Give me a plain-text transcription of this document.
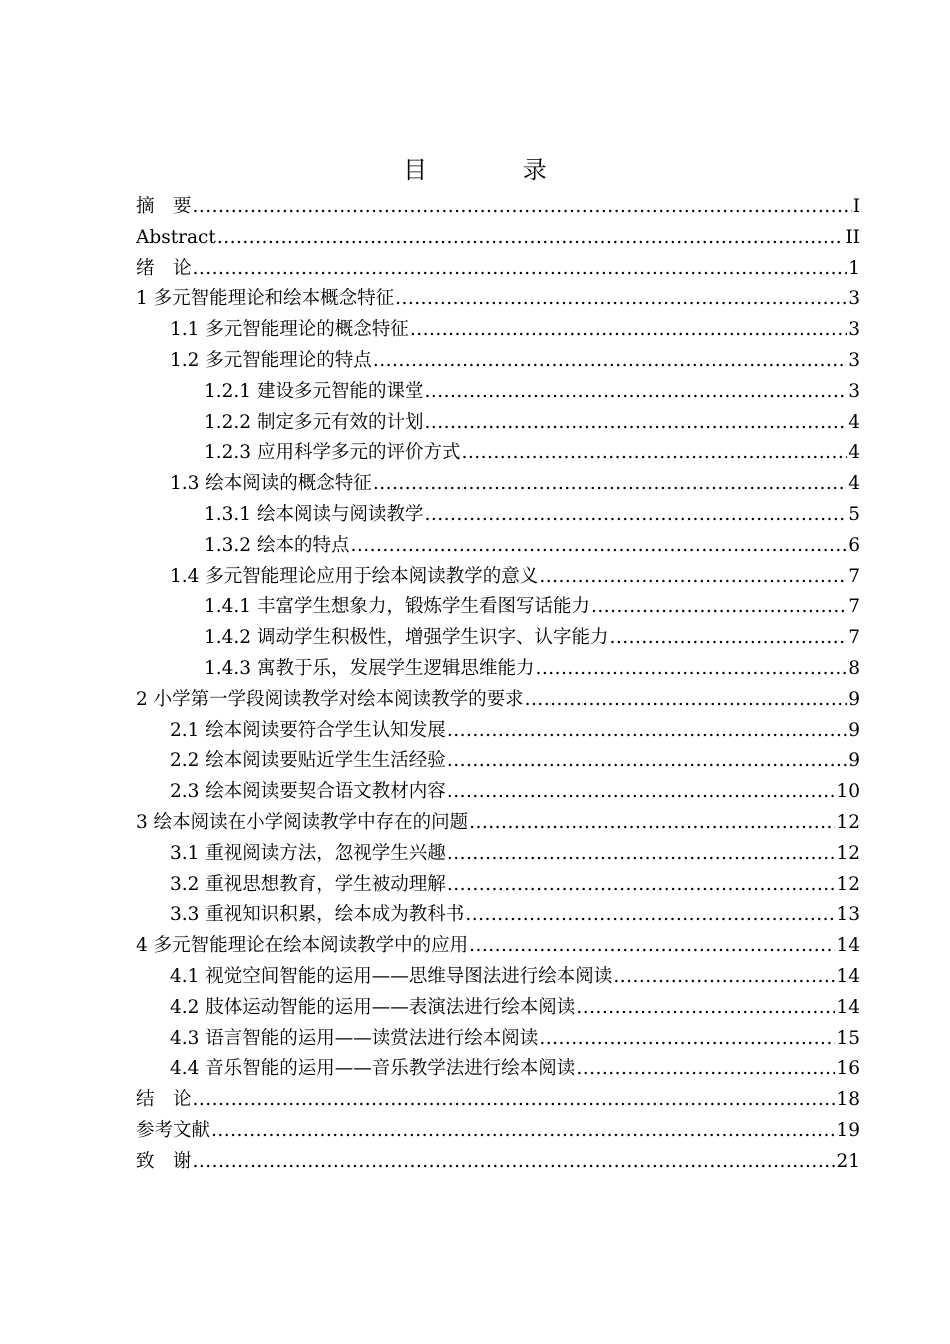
目 录
摘　要 .....	I
Abstract .....	II
绪　论 .....	1
1 多元智能理论和绘本概念特征 .....	3
1.1 多元智能理论的概念特征 .....	3
1.2 多元智能理论的特点 .....	3
1.2.1 建设多元智能的课堂 .....	3
1.2.2 制定多元有效的计划 .....	4
1.2.3 应用科学多元的评价方式 .....	4
1.3 绘本阅读的概念特征 .....	4
1.3.1 绘本阅读与阅读教学 .....	5
1.3.2 绘本的特点 .....	6
1.4 多元智能理论应用于绘本阅读教学的意义 .....	7
1.4.1 丰富学生想象力，锻炼学生看图写话能力 .....	7
1.4.2 调动学生积极性，增强学生识字、认字能力 .....	7
1.4.3 寓教于乐，发展学生逻辑思维能力 .....	8
2 小学第一学段阅读教学对绘本阅读教学的要求 .....	9
2.1 绘本阅读要符合学生认知发展 .....	9
2.2 绘本阅读要贴近学生生活经验 .....	9
2.3 绘本阅读要契合语文教材内容 .....	10
3 绘本阅读在小学阅读教学中存在的问题 .....	12
3.1 重视阅读方法，忽视学生兴趣 .....	12
3.2 重视思想教育，学生被动理解 .....	12
3.3 重视知识积累，绘本成为教科书 .....	13
4 多元智能理论在绘本阅读教学中的应用 .....	14
4.1 视觉空间智能的运用——思维导图法进行绘本阅读 .....	14
4.2 肢体运动智能的运用——表演法进行绘本阅读 .....	14
4.3 语言智能的运用——读赏法进行绘本阅读 .....	15
4.4 音乐智能的运用——音乐教学法进行绘本阅读 .....	16
结　论 .....	18
参考文献 .....	19
致　谢 .....	21
